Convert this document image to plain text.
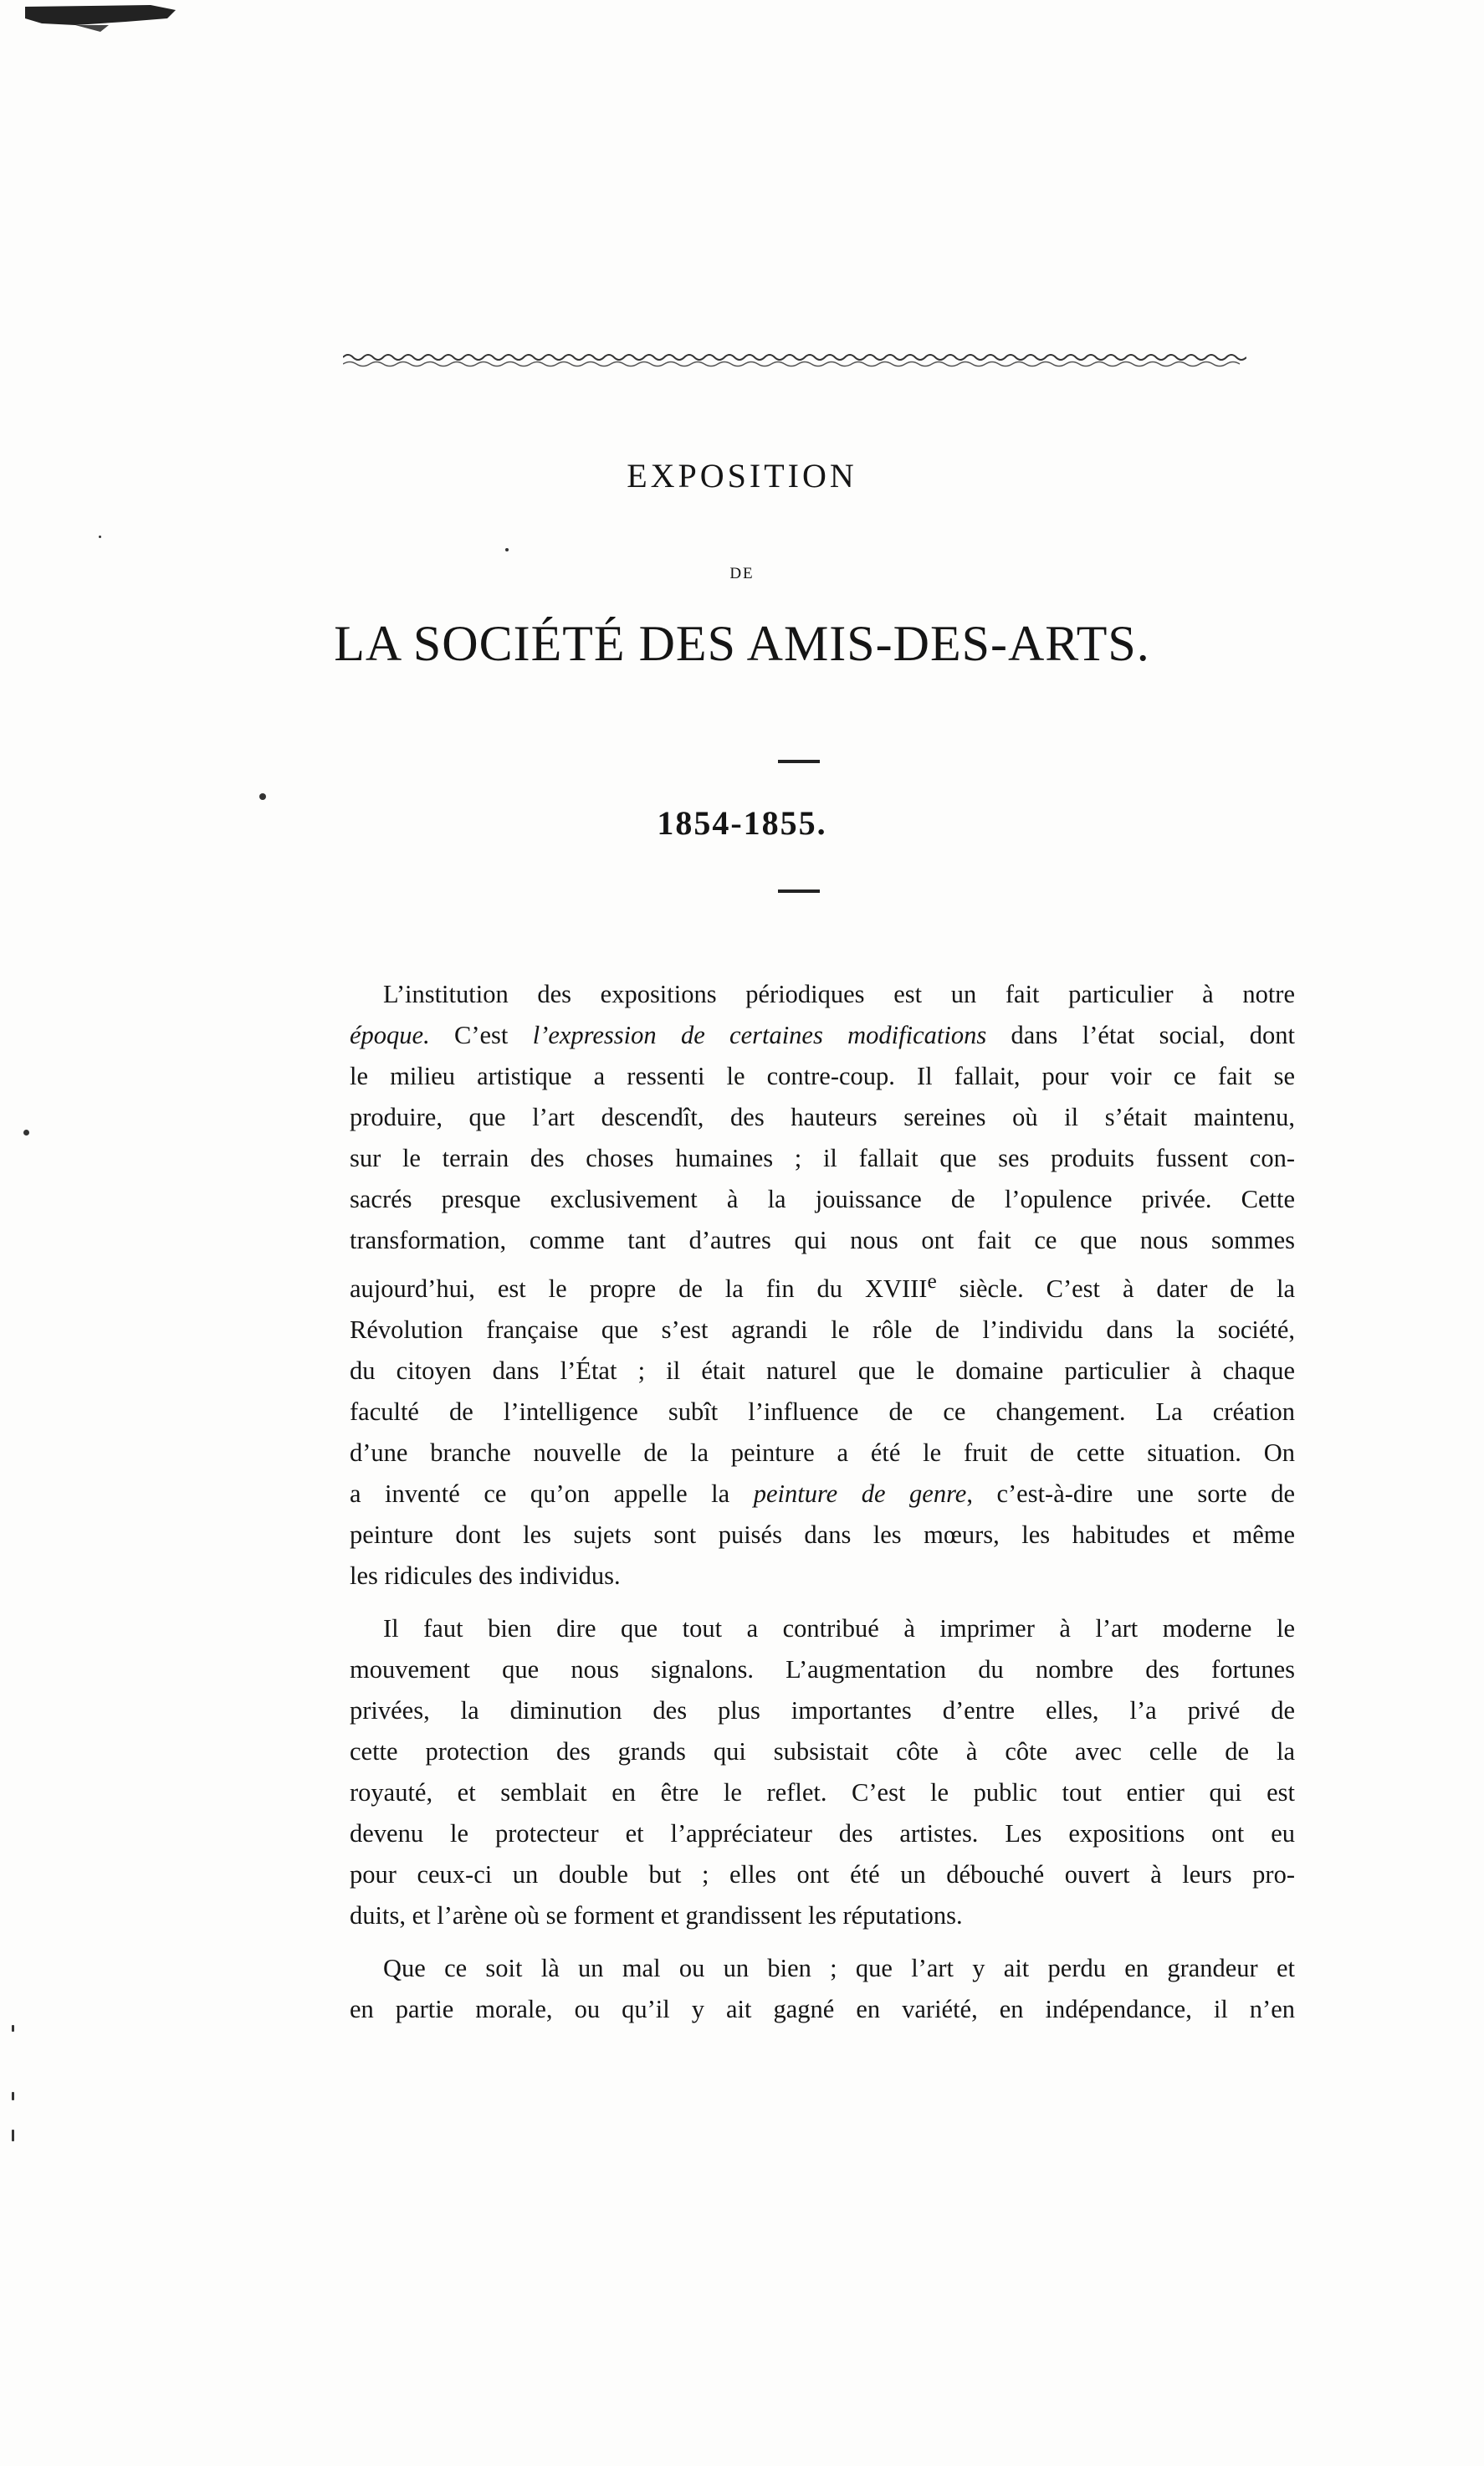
EXPOSITION
DE
LA SOCIÉTÉ DES AMIS-DES-ARTS.
1854-1855.

L’institution des expositions périodiques est un fait particulier à notre
époque. C’est l’expression de certaines modifications dans l’état social, dont
le milieu artistique a ressenti le contre-coup. Il fallait, pour voir ce fait se
produire, que l’art descendît, des hauteurs sereines où il s’était maintenu,
sur le terrain des choses humaines ; il fallait que ses produits fussent con-
sacrés presque exclusivement à la jouissance de l’opulence privée. Cette
transformation, comme tant d’autres qui nous ont fait ce que nous sommes
aujourd’hui, est le propre de la fin du XVIIIe siècle. C’est à dater de la
Révolution française que s’est agrandi le rôle de l’individu dans la société,
du citoyen dans l’État ; il était naturel que le domaine particulier à chaque
faculté de l’intelligence subît l’influence de ce changement. La création
d’une branche nouvelle de la peinture a été le fruit de cette situation. On
a inventé ce qu’on appelle la peinture de genre, c’est-à-dire une sorte de
peinture dont les sujets sont puisés dans les mœurs, les habitudes et même
les ridicules des individus.

Il faut bien dire que tout a contribué à imprimer à l’art moderne le
mouvement que nous signalons. L’augmentation du nombre des fortunes
privées, la diminution des plus importantes d’entre elles, l’a privé de
cette protection des grands qui subsistait côte à côte avec celle de la
royauté, et semblait en être le reflet. C’est le public tout entier qui est
devenu le protecteur et l’appréciateur des artistes. Les expositions ont eu
pour ceux-ci un double but ; elles ont été un débouché ouvert à leurs pro-
duits, et l’arène où se forment et grandissent les réputations.

Que ce soit là un mal ou un bien ; que l’art y ait perdu en grandeur et
en partie morale, ou qu’il y ait gagné en variété, en indépendance, il n’en
